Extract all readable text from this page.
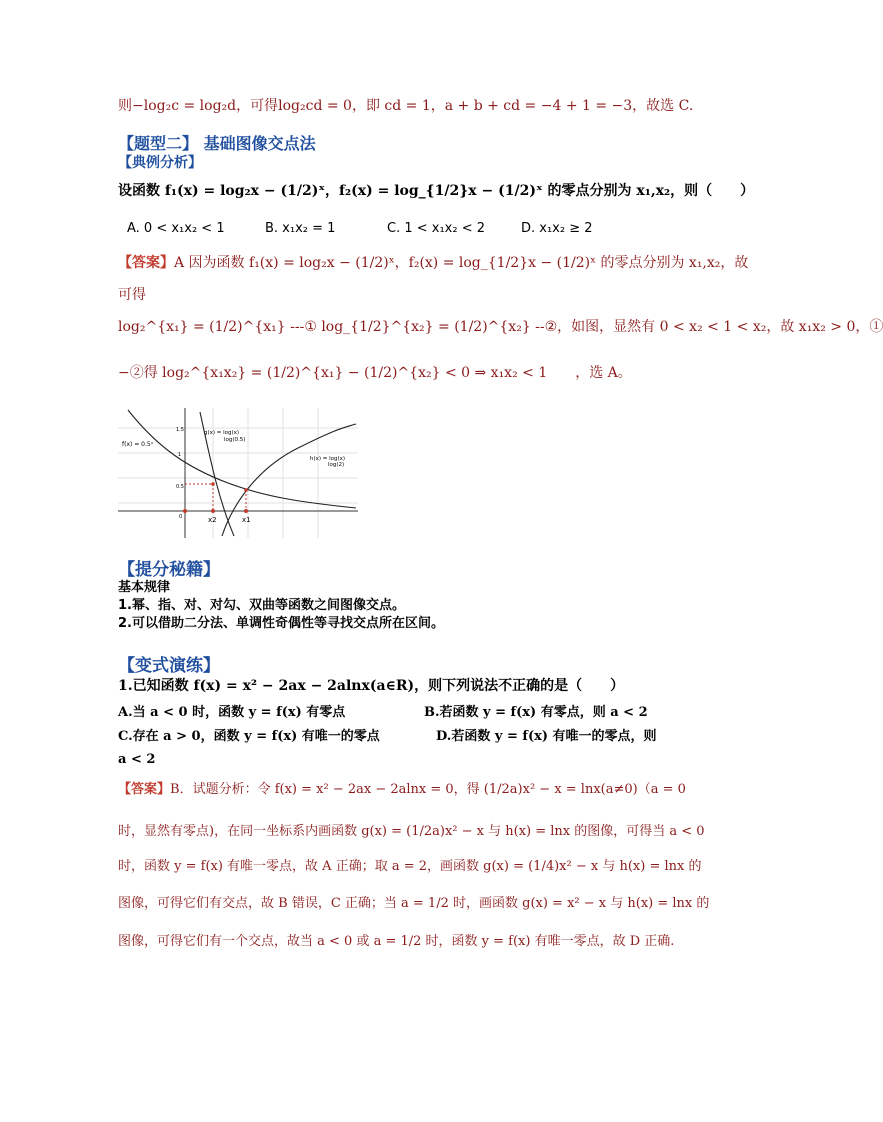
则−log₂c = log₂d，可得log₂cd = 0，即 cd = 1，a + b + cd = −4 + 1 = −3，故选 C.
【题型二】 基础图像交点法
【典例分析】
设函数 f₁(x) = log₂x − (1/2)ˣ，f₂(x) = log_{1/2}x − (1/2)ˣ 的零点分别为 x₁,x₂，则（　　）
A. 0 < x₁x₂ < 1	B. x₁x₂ = 1	C. 1 < x₁x₂ < 2	D. x₁x₂ ≥ 2
【答案】A 因为函数 f₁(x) = log₂x − (1/2)ˣ，f₂(x) = log_{1/2}x − (1/2)ˣ 的零点分别为 x₁,x₂，故
可得
log₂^{x₁} = (1/2)^{x₁} ---① log_{1/2}^{x₂} = (1/2)^{x₂} --②，如图，显然有 0 < x₂ < 1 < x₂，故 x₁x₂ > 0，①
−②得 log₂^{x₁x₂} = (1/2)^{x₁} − (1/2)^{x₂} < 0 ⇒ x₁x₂ < 1　　，选 A。
f(x) = 0.5ˣ
g(x) = log(x)
log(0.5)
h(x) = log(x)
log(2)
x2	x1
1.5
1
0.5
0
【提分秘籍】
基本规律
1.幂、指、对、对勾、双曲等函数之间图像交点。
2.可以借助二分法、单调性奇偶性等寻找交点所在区间。
【变式演练】
1.已知函数 f(x) = x² − 2ax − 2alnx(a∈R)，则下列说法不正确的是（　　）
A.当 a < 0 时，函数 y = f(x) 有零点	B.若函数 y = f(x) 有零点，则 a < 2
C.存在 a > 0，函数 y = f(x) 有唯一的零点	D.若函数 y = f(x) 有唯一的零点，则
a < 2
【答案】B．试题分析：令 f(x) = x² − 2ax − 2alnx = 0，得 (1/2a)x² − x = lnx(a≠0)（a = 0
时，显然有零点)，在同一坐标系内画函数 g(x) = (1/2a)x² − x 与 h(x) = lnx 的图像，可得当 a < 0
时，函数 y = f(x) 有唯一零点，故 A 正确；取 a = 2，画函数 g(x) = (1/4)x² − x 与 h(x) = lnx 的
图像，可得它们有交点，故 B 错误，C 正确；当 a = 1/2 时，画函数 g(x) = x² − x 与 h(x) = lnx 的
图像，可得它们有一个交点，故当 a < 0 或 a = 1/2 时，函数 y = f(x) 有唯一零点，故 D 正确.
